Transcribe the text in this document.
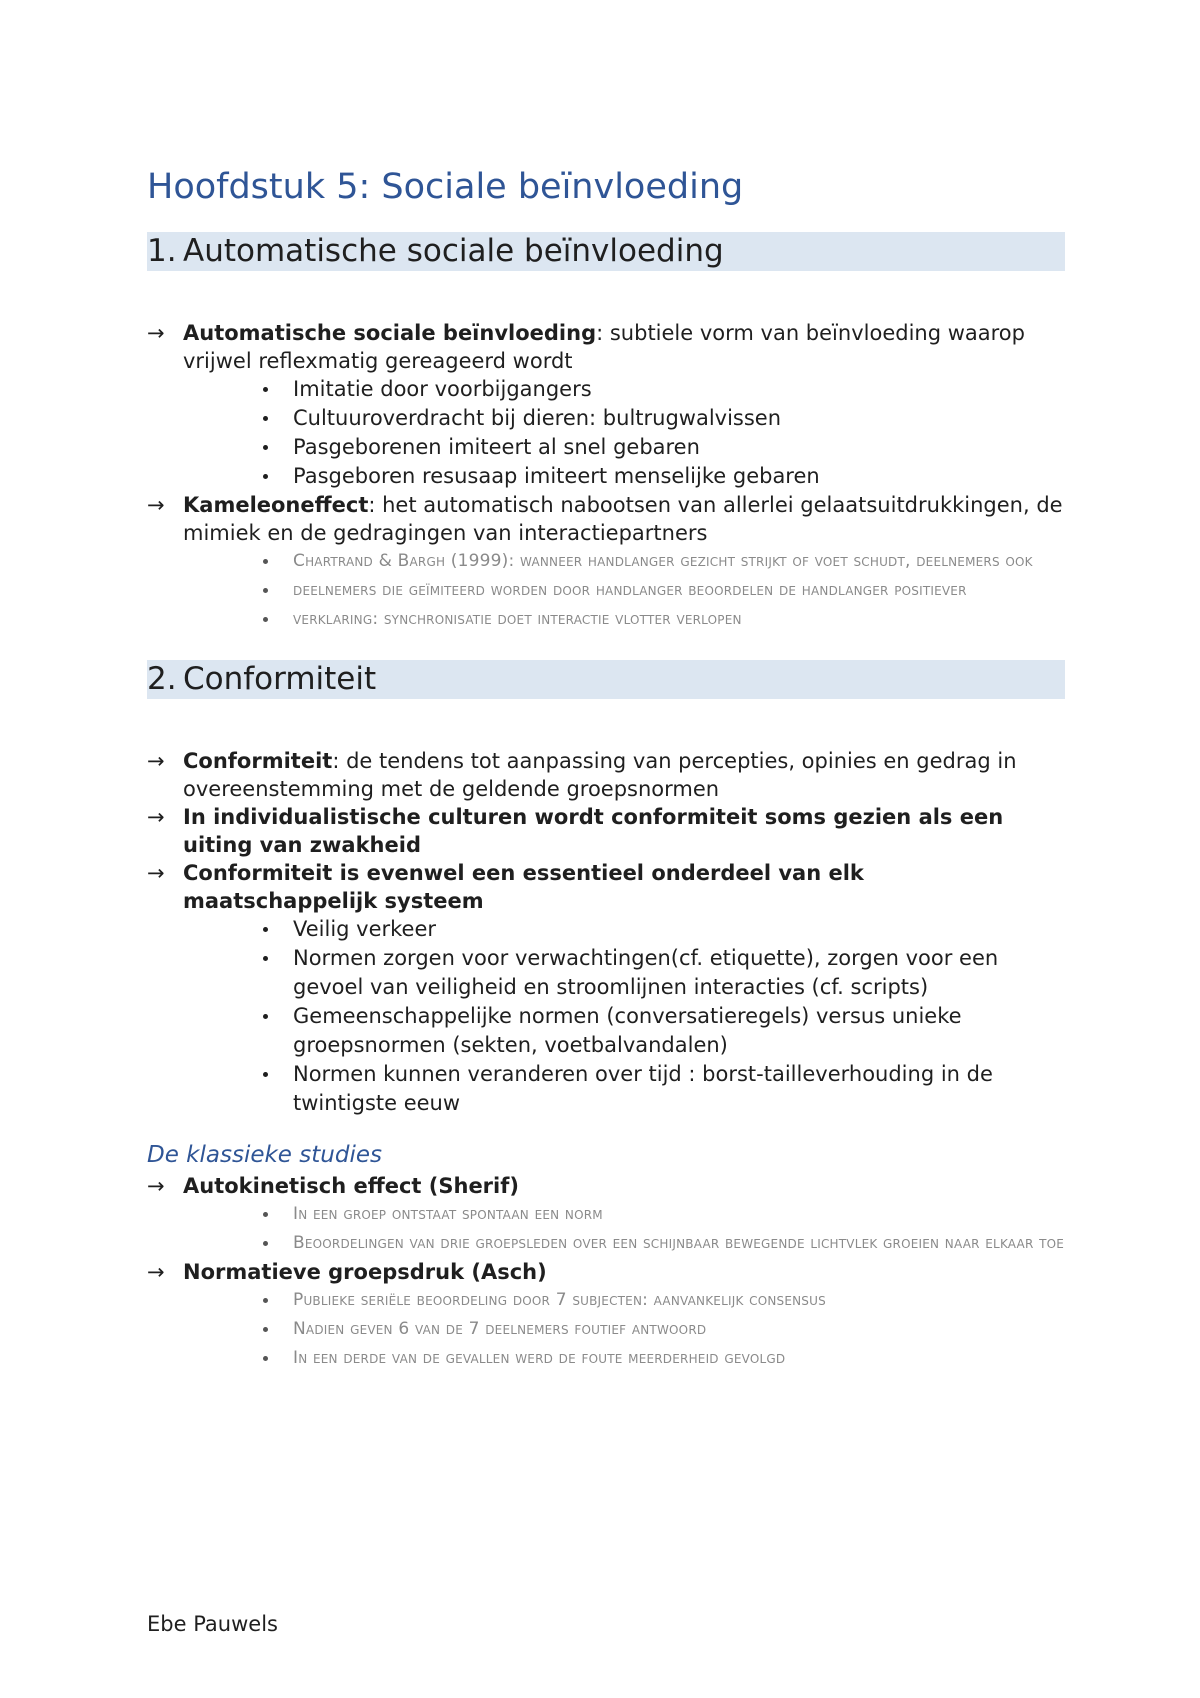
Hoofdstuk 5: Sociale beïnvloeding
1. Automatische sociale beïnvloeding
→ Automatische sociale beïnvloeding: subtiele vorm van beïnvloeding waarop vrijwel reflexmatig gereageerd wordt
Imitatie door voorbijgangers
Cultuuroverdracht bij dieren: bultrugwalvissen
Pasgeborenen imiteert al snel gebaren
Pasgeboren resusaap imiteert menselijke gebaren
→ Kameleoneffect: het automatisch nabootsen van allerlei gelaatsuitdrukkingen, de mimiek en de gedragingen van interactiepartners
Chartrand & Bargh (1999): wanneer handlanger gezicht strijkt of voet schudt, deelnemers ook
deelnemers die geïmiteerd worden door handlanger beoordelen de handlanger positiever
verklaring: synchronisatie doet interactie vlotter verlopen
2. Conformiteit
→ Conformiteit: de tendens tot aanpassing van percepties, opinies en gedrag in overeenstemming met de geldende groepsnormen
→ In individualistische culturen wordt conformiteit soms gezien als een uiting van zwakheid
→ Conformiteit is evenwel een essentieel onderdeel van elk maatschappelijk systeem
Veilig verkeer
Normen zorgen voor verwachtingen(cf. etiquette), zorgen voor een gevoel van veiligheid en stroomlijnen interacties (cf. scripts)
Gemeenschappelijke normen (conversatieregels) versus unieke groepsnormen (sekten, voetbalvandalen)
Normen kunnen veranderen over tijd : borst-tailleverhouding in de twintigste eeuw
De klassieke studies
→ Autokinetisch effect (Sherif)
In een groep ontstaat spontaan een norm
Beoordelingen van drie groepsleden over een schijnbaar bewegende lichtvlek groeien naar elkaar toe
→ Normatieve groepsdruk (Asch)
Publieke seriële beoordeling door 7 subjecten: aanvankelijk consensus
Nadien geven 6 van de 7 deelnemers foutief antwoord
In een derde van de gevallen werd de foute meerderheid gevolgd
Ebe Pauwels
